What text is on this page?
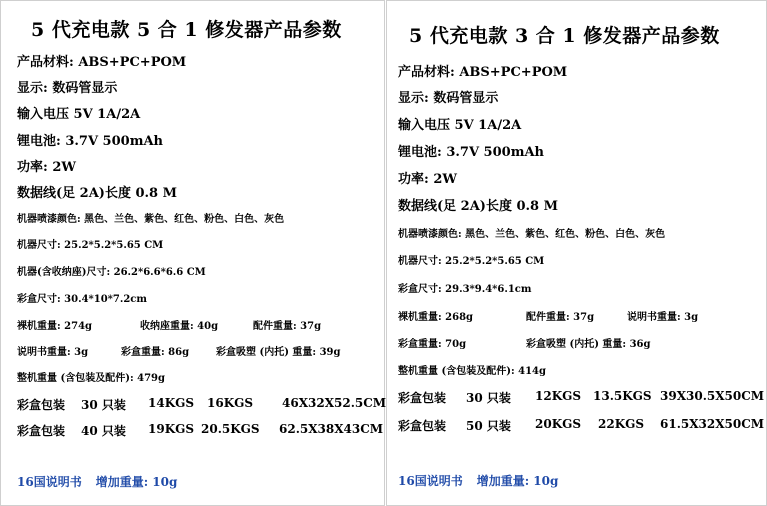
5 代充电款 5 合 1 修发器产品参数
产品材料: ABS+PC+POM
显示: 数码管显示
输入电压 5V 1A/2A
锂电池: 3.7V 500mAh
功率: 2W
数据线(足 2A)长度 0.8 M
机器喷漆颜色: 黑色、兰色、紫色、红色、粉色、白色、灰色
机器尺寸: 25.2*5.2*5.65 CM
机器(含收纳座)尺寸: 26.2*6.6*6.6 CM
彩盒尺寸: 30.4*10*7.2cm
裸机重量: 274g	收纳座重量: 40g	配件重量: 37g
说明书重量: 3g	彩盒重量: 86g	彩盒吸塑 (内托) 重量: 39g
整机重量 (含包装及配件): 479g
彩盒包装 30 只装 14KGS 16KGS 46X32X52.5CM
彩盒包装 40 只装 19KGS 20.5KGS 62.5X38X43CM
16国说明书 增加重量: 10g
5 代充电款 3 合 1 修发器产品参数
产品材料: ABS+PC+POM
显示: 数码管显示
输入电压 5V 1A/2A
锂电池: 3.7V 500mAh
功率: 2W
数据线(足 2A)长度 0.8 M
机器喷漆颜色: 黑色、兰色、紫色、红色、粉色、白色、灰色
机器尺寸: 25.2*5.2*5.65 CM
彩盒尺寸: 29.3*9.4*6.1cm
裸机重量: 268g	配件重量: 37g	说明书重量: 3g
彩盒重量: 70g	彩盒吸塑 (内托) 重量: 36g
整机重量 (含包装及配件): 414g
彩盒包装 30 只装 12KGS 13.5KGS 39X30.5X50CM
彩盒包装 50 只装 20KGS 22KGS 61.5X32X50CM
16国说明书 增加重量: 10g
